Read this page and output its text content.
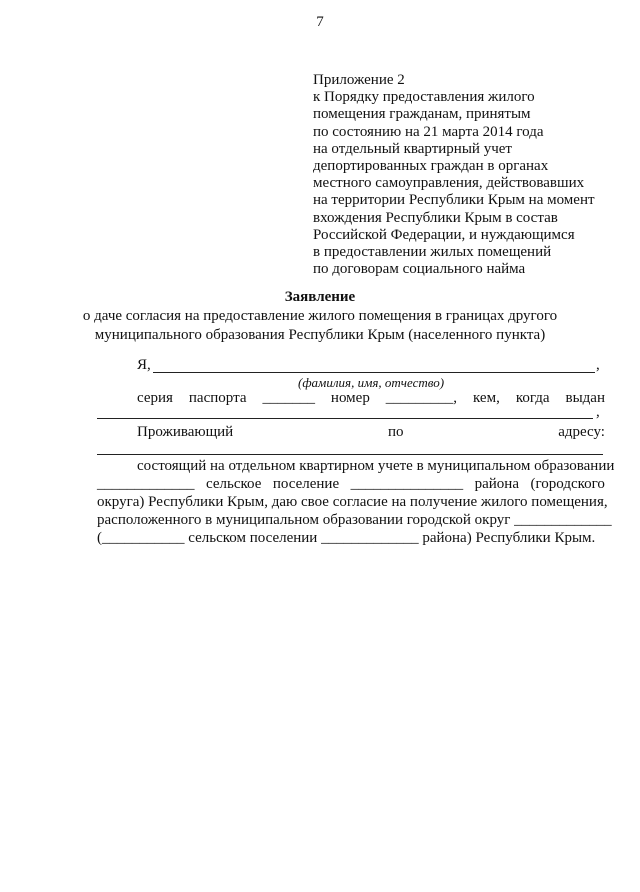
7
Приложение 2
к Порядку предоставления жилого
помещения гражданам, принятым
по состоянию на 21 марта 2014 года
на отдельный квартирный учет
депортированных граждан в органах
местного самоуправления, действовавших
на территории Республики Крым на момент
вхождения Республики Крым в состав
Российской Федерации, и нуждающимся
в предоставлении жилых помещений
по договорам социального найма
Заявление
о даче согласия на предоставление жилого помещения в границах другого
муниципального образования Республики Крым (населенного пункта)
Я,	,
(фамилия, имя, отчество)
серия паспорта _______ номер _________, кем, когда выдан
,
Проживающий	по	адресу:
состоящий на отдельном квартирном учете в муниципальном образовании
_____________ сельское поселение _______________ района (городского
округа) Республики Крым, даю свое согласие на получение жилого помещения,
расположенного в муниципальном образовании городской округ _____________
(___________ сельском поселении _____________ района) Республики Крым.
